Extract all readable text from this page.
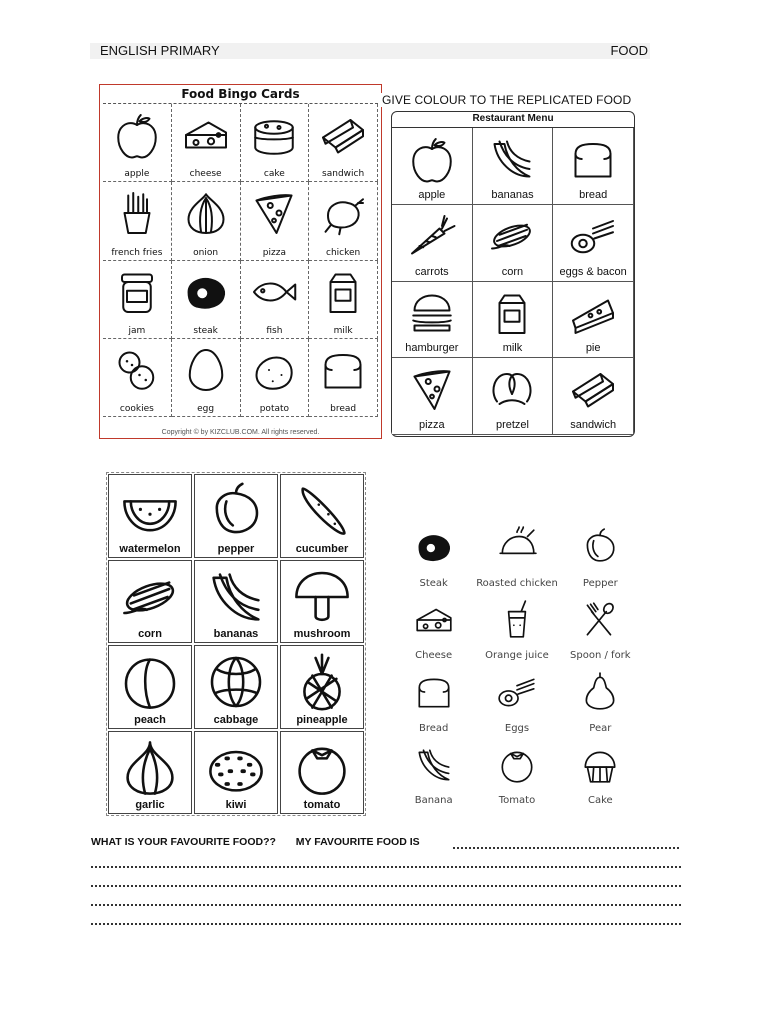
ENGLISH PRIMARY	FOOD
Food Bingo Cards
apple	cheese	cake	sandwich
french fries	onion	pizza	chicken
jam	steak	fish	milk
cookies	egg	potato	bread
Copyright © by KIZCLUB.COM. All rights reserved.
GIVE COLOUR TO THE REPLICATED FOOD
Restaurant Menu
apple	bananas	bread
carrots	corn	eggs & bacon
hamburger	milk	pie
pizza	pretzel	sandwich
watermelon	pepper	cucumber
corn	bananas	mushroom
peach	cabbage	pineapple
garlic	kiwi	tomato
Steak	Roasted chicken	Pepper
Cheese	Orange juice	Spoon / fork
Bread	Eggs	Pear
Banana	Tomato	Cake
WHAT IS YOUR FAVOURITE FOOD?? MY FAVOURITE FOOD IS
